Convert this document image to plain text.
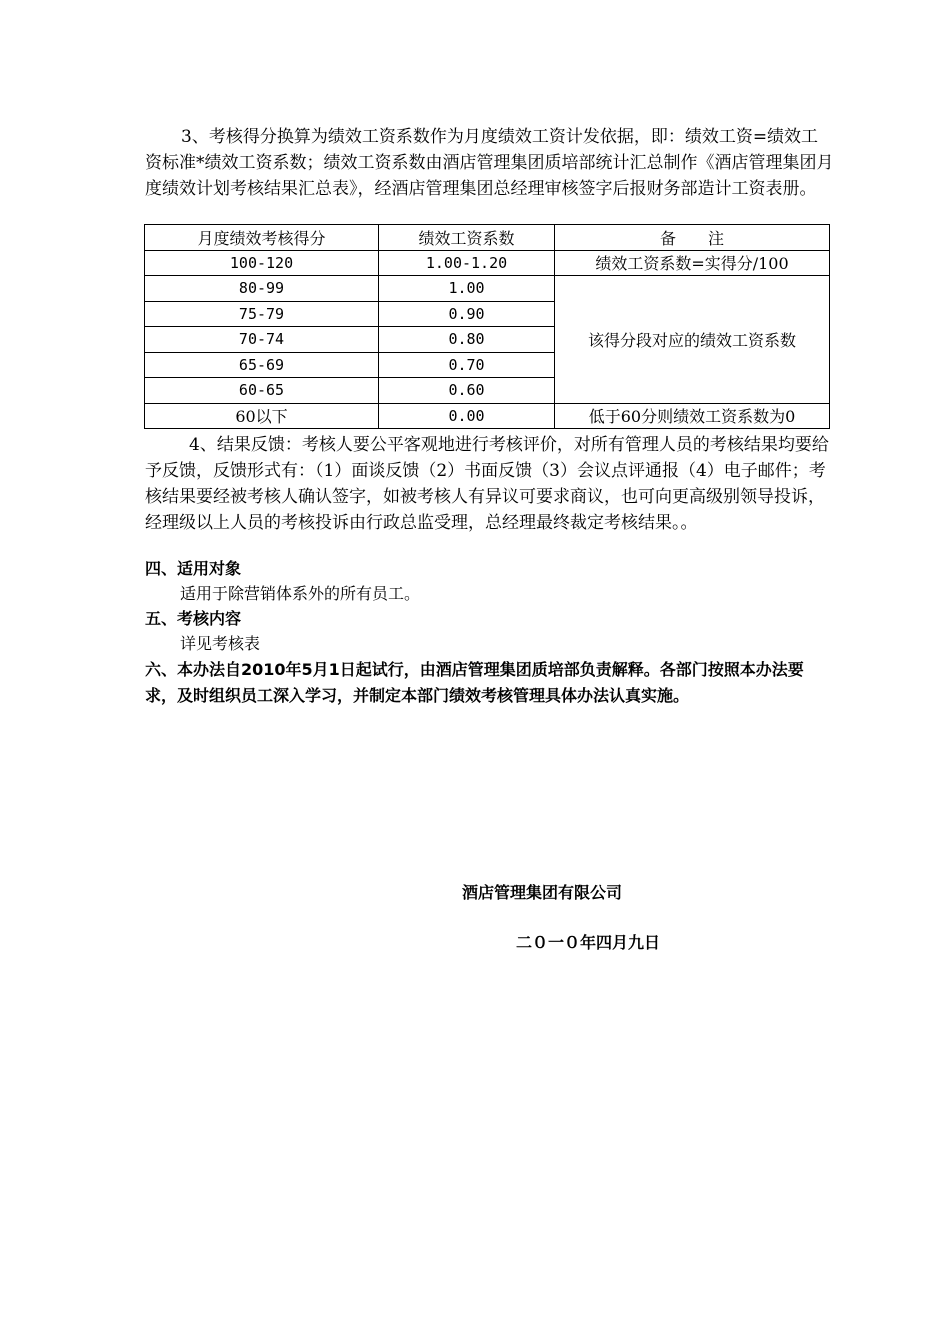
3、考核得分换算为绩效工资系数作为月度绩效工资计发依据，即：绩效工资=绩效工资标准*绩效工资系数；绩效工资系数由酒店管理集团质培部统计汇总制作《酒店管理集团月度绩效计划考核结果汇总表》，经酒店管理集团总经理审核签字后报财务部造计工资表册。

月度绩效考核得分	绩效工资系数	备　　注
100-120	1.00-1.20	绩效工资系数=实得分/100
80-99	1.00	该得分段对应的绩效工资系数
75-79	0.90	
70-74	0.80	
65-69	0.70	
60-65	0.60	
60以下	0.00	低于60分则绩效工资系数为0

4、结果反馈：考核人要公平客观地进行考核评价，对所有管理人员的考核结果均要给予反馈，反馈形式有：（1）面谈反馈（2）书面反馈（3）会议点评通报（4）电子邮件；考核结果要经被考核人确认签字，如被考核人有异议可要求商议，也可向更高级别领导投诉，经理级以上人员的考核投诉由行政总监受理，总经理最终裁定考核结果。。

四、适用对象

适用于除营销体系外的所有员工。

五、考核内容

详见考核表

六、本办法自2010年5月1日起试行，由酒店管理集团质培部负责解释。各部门按照本办法要求，及时组织员工深入学习，并制定本部门绩效考核管理具体办法认真实施。

酒店管理集团有限公司

二０一０年四月九日
